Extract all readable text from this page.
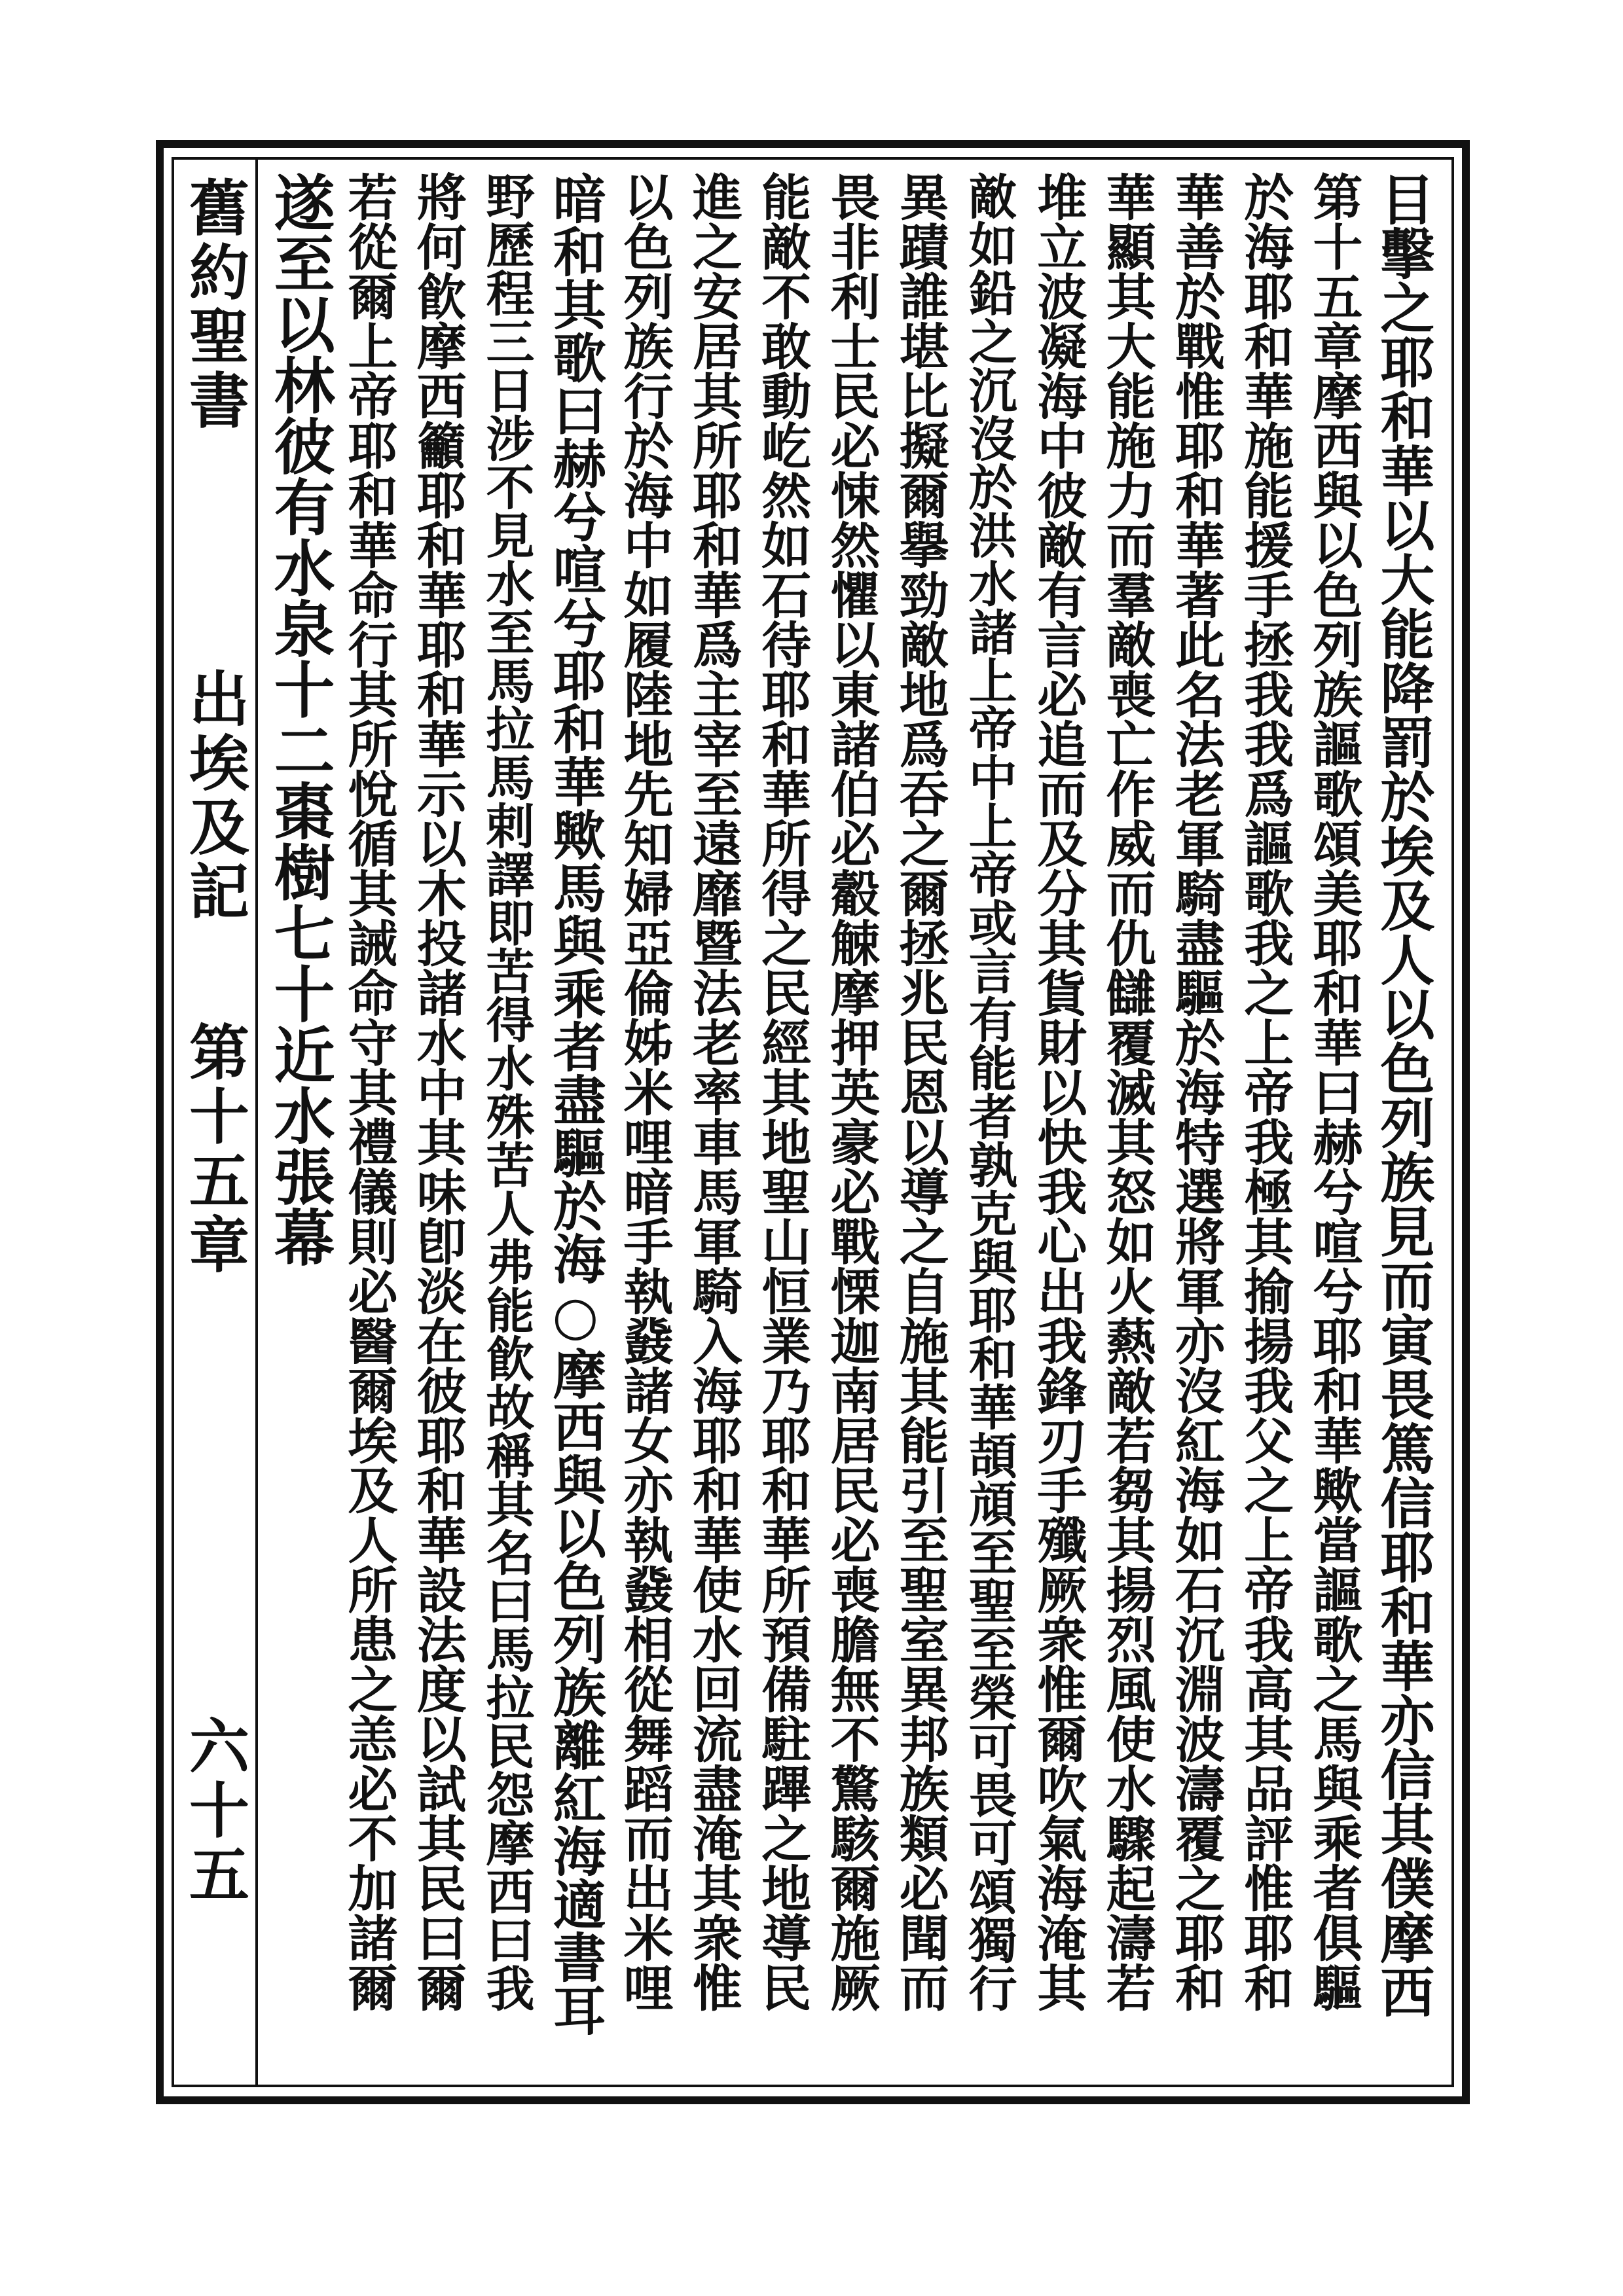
舊約聖書
出埃及記
第十五章
六十五	目擊之耶和華以大能降罰於埃及人以色列族見而寅畏篤信耶和華亦信其僕摩西
第十五章摩西與以色列族謳歌頌美耶和華曰赫兮喧兮耶和華歟當謳歌之馬與乘者俱驅
於海耶和華施能援手拯我我爲謳歌我之上帝我極其揄揚我父之上帝我高其品評惟耶和
華善於戰惟耶和華著此名法老軍騎盡驅於海特選將軍亦沒紅海如石沉淵波濤覆之耶和
華顯其大能施力而羣敵喪亡作威而仇讎覆滅其怒如火爇敵若芻其揚烈風使水驟起濤若
堆立波凝海中彼敵有言必追而及分其貨財以快我心出我鋒刃手殲厥衆惟爾吹氣海淹其
敵如鉛之沉沒於洪水諸上帝中上帝或言有能者孰克與耶和華頡頏至聖至榮可畏可頌獨行
異蹟誰堪比擬爾擧勁敵地爲吞之爾拯兆民恩以導之自施其能引至聖室異邦族類必聞而
畏非利士民必悚然懼以東諸伯必觳觫摩押英豪必戰慄迦南居民必喪膽無不驚駭爾施厥
能敵不敢動屹然如石待耶和華所得之民經其地聖山恒業乃耶和華所預備駐蹕之地導民
進之安居其所耶和華爲主宰至遠靡暨法老率車馬軍騎入海耶和華使水回流盡淹其衆惟
以色列族行於海中如履陸地先知婦亞倫姊米哩暗手執鼗諸女亦執鼗相從舞蹈而出米哩
暗和其歌曰赫兮喧兮耶和華歟馬與乘者盡驅於海○摩西與以色列族離紅海適書耳
野歷程三日涉不見水至馬拉馬剌譯即苦得水殊苦人弗能飮故稱其名曰馬拉民怨摩西曰我
將何飮摩西籲耶和華耶和華示以木投諸水中其味卽淡在彼耶和華設法度以試其民曰爾
若從爾上帝耶和華命行其所悅循其誡命守其禮儀則必醫爾埃及人所患之恙必不加諸爾
遂至以林彼有水泉十二棗樹七十近水張幕
